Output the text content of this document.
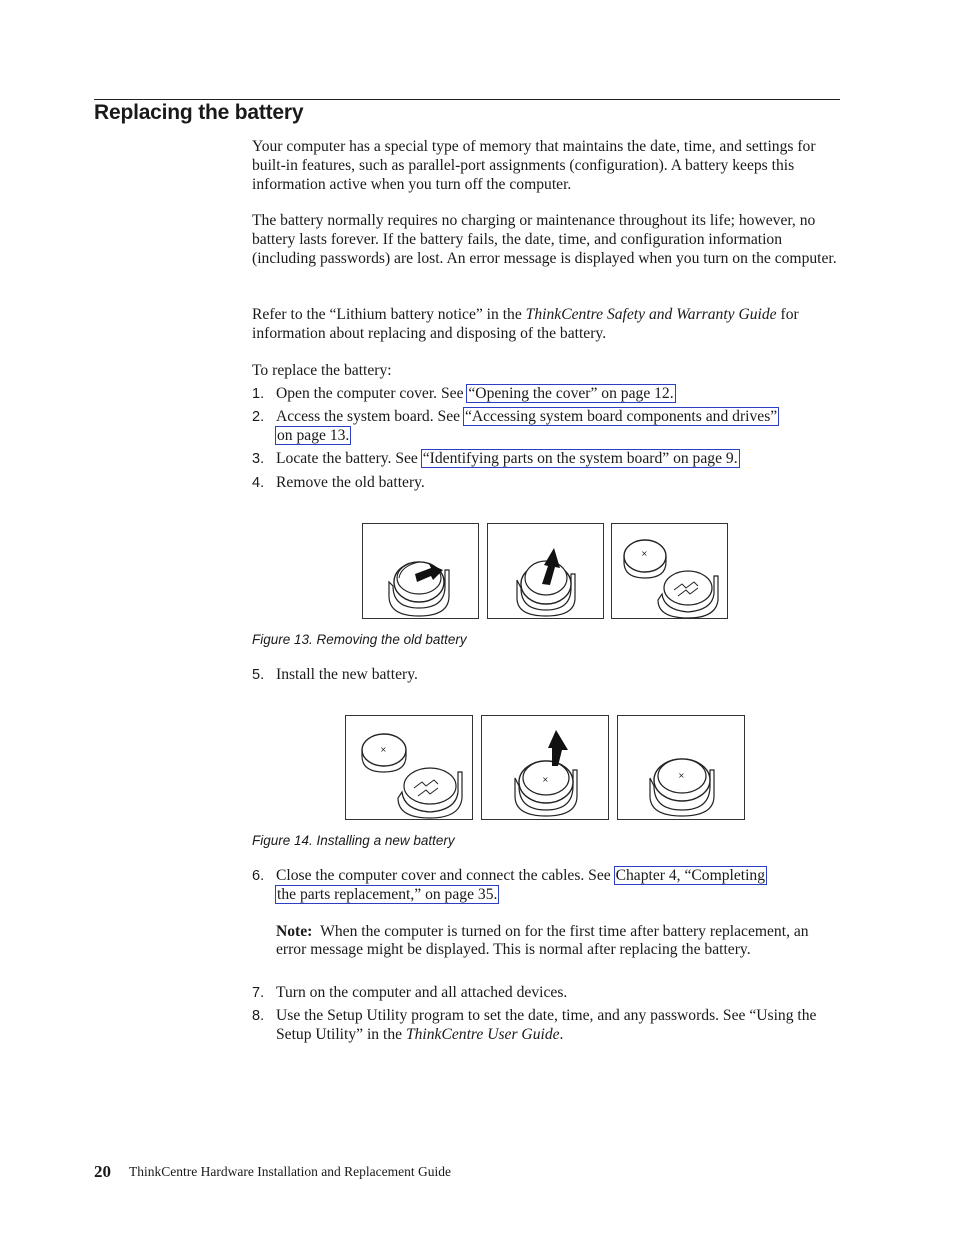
Replacing the battery
Your computer has a special type of memory that maintains the date, time, and settings for built-in features, such as parallel-port assignments (configuration). A battery keeps this information active when you turn off the computer.
The battery normally requires no charging or maintenance throughout its life; however, no battery lasts forever. If the battery fails, the date, time, and configuration information (including passwords) are lost. An error message is displayed when you turn on the computer.
Refer to the “Lithium battery notice” in the ThinkCentre Safety and Warranty Guide for information about replacing and disposing of the battery.
To replace the battery:
1. Open the computer cover. See “Opening the cover” on page 12.
2. Access the system board. See “Accessing system board components and drives”
on page 13.
3. Locate the battery. See “Identifying parts on the system board” on page 9.
4. Remove the old battery.
×
Figure 13. Removing the old battery
5. Install the new battery.
×
×	×
Figure 14. Installing a new battery
6. Close the computer cover and connect the cables. See Chapter 4, “Completing
the parts replacement,” on page 35.
Note: When the computer is turned on for the first time after battery replacement, an error message might be displayed. This is normal after replacing the battery.
7. Turn on the computer and all attached devices.
8. Use the Setup Utility program to set the date, time, and any passwords. See “Using the Setup Utility” in the ThinkCentre User Guide.
20 ThinkCentre Hardware Installation and Replacement Guide
